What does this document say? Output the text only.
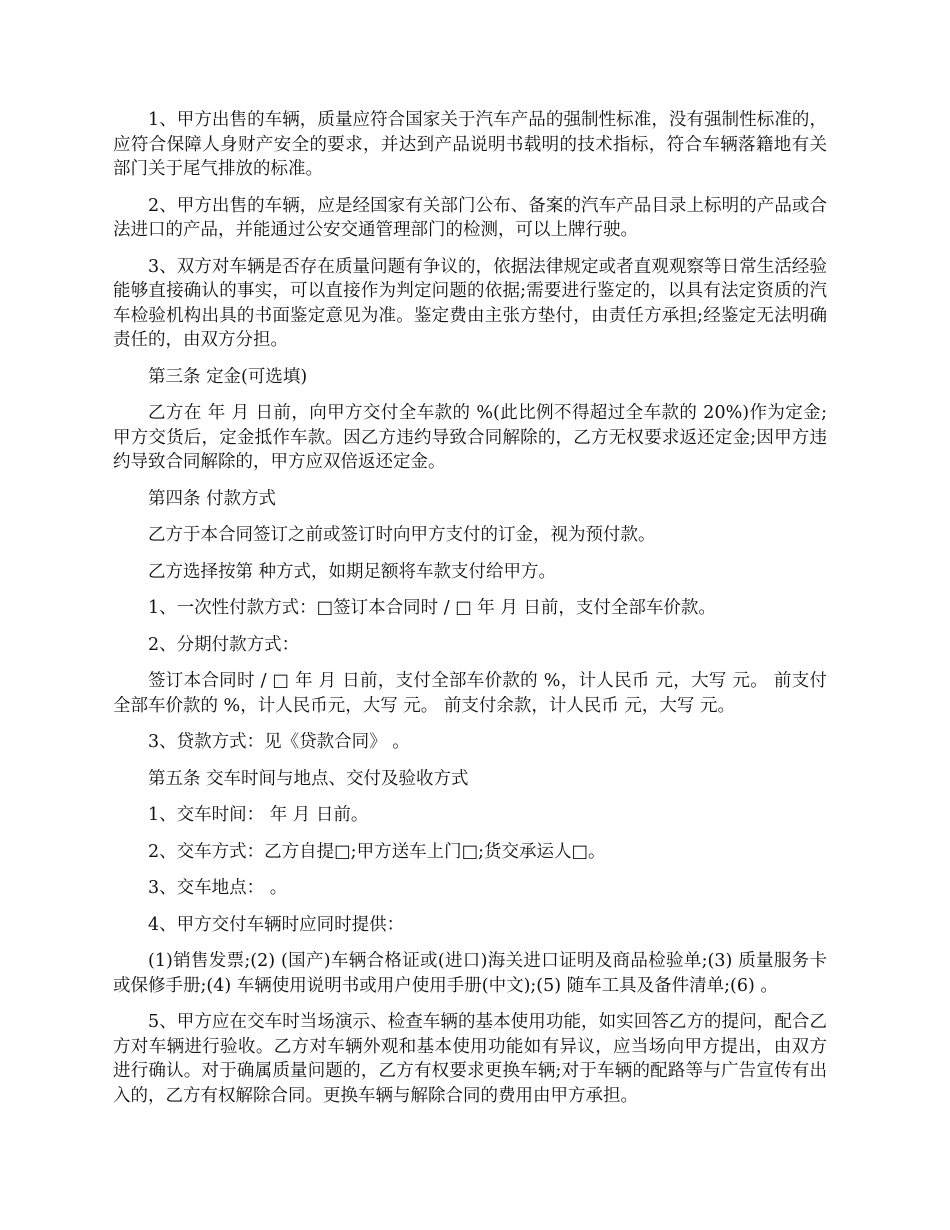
1、甲方出售的车辆，质量应符合国家关于汽车产品的强制性标准，没有强制性标准的，应符合保障人身财产安全的要求，并达到产品说明书载明的技术指标，符合车辆落籍地有关部门关于尾气排放的标准。

2、甲方出售的车辆，应是经国家有关部门公布、备案的汽车产品目录上标明的产品或合法进口的产品，并能通过公安交通管理部门的检测，可以上牌行驶。

3、双方对车辆是否存在质量问题有争议的，依据法律规定或者直观观察等日常生活经验能够直接确认的事实，可以直接作为判定问题的依据;需要进行鉴定的，以具有法定资质的汽车检验机构出具的书面鉴定意见为准。鉴定费由主张方垫付，由责任方承担;经鉴定无法明确责任的，由双方分担。

第三条 定金(可选填)

乙方在 年 月 日前，向甲方交付全车款的 %(此比例不得超过全车款的 20%)作为定金;甲方交货后，定金抵作车款。因乙方违约导致合同解除的，乙方无权要求返还定金;因甲方违约导致合同解除的，甲方应双倍返还定金。

第四条 付款方式

乙方于本合同签订之前或签订时向甲方支付的订金，视为预付款。

乙方选择按第 种方式，如期足额将车款支付给甲方。

1、一次性付款方式：□签订本合同时 / □ 年 月 日前，支付全部车价款。

2、分期付款方式：

签订本合同时 / □ 年 月 日前，支付全部车价款的 %，计人民币 元，大写 元。 前支付全部车价款的 %，计人民币元，大写 元。 前支付余款，计人民币 元，大写 元。

3、贷款方式：见《贷款合同》 。

第五条 交车时间与地点、交付及验收方式

1、交车时间： 年 月 日前。

2、交车方式：乙方自提□;甲方送车上门□;货交承运人□。

3、交车地点： 。

4、甲方交付车辆时应同时提供：

(1)销售发票;(2) (国产)车辆合格证或(进口)海关进口证明及商品检验单;(3) 质量服务卡或保修手册;(4) 车辆使用说明书或用户使用手册(中文);(5) 随车工具及备件清单;(6) 。

5、甲方应在交车时当场演示、检查车辆的基本使用功能，如实回答乙方的提问，配合乙方对车辆进行验收。乙方对车辆外观和基本使用功能如有异议，应当场向甲方提出，由双方进行确认。对于确属质量问题的，乙方有权要求更换车辆;对于车辆的配路等与广告宣传有出入的，乙方有权解除合同。更换车辆与解除合同的费用由甲方承担。
